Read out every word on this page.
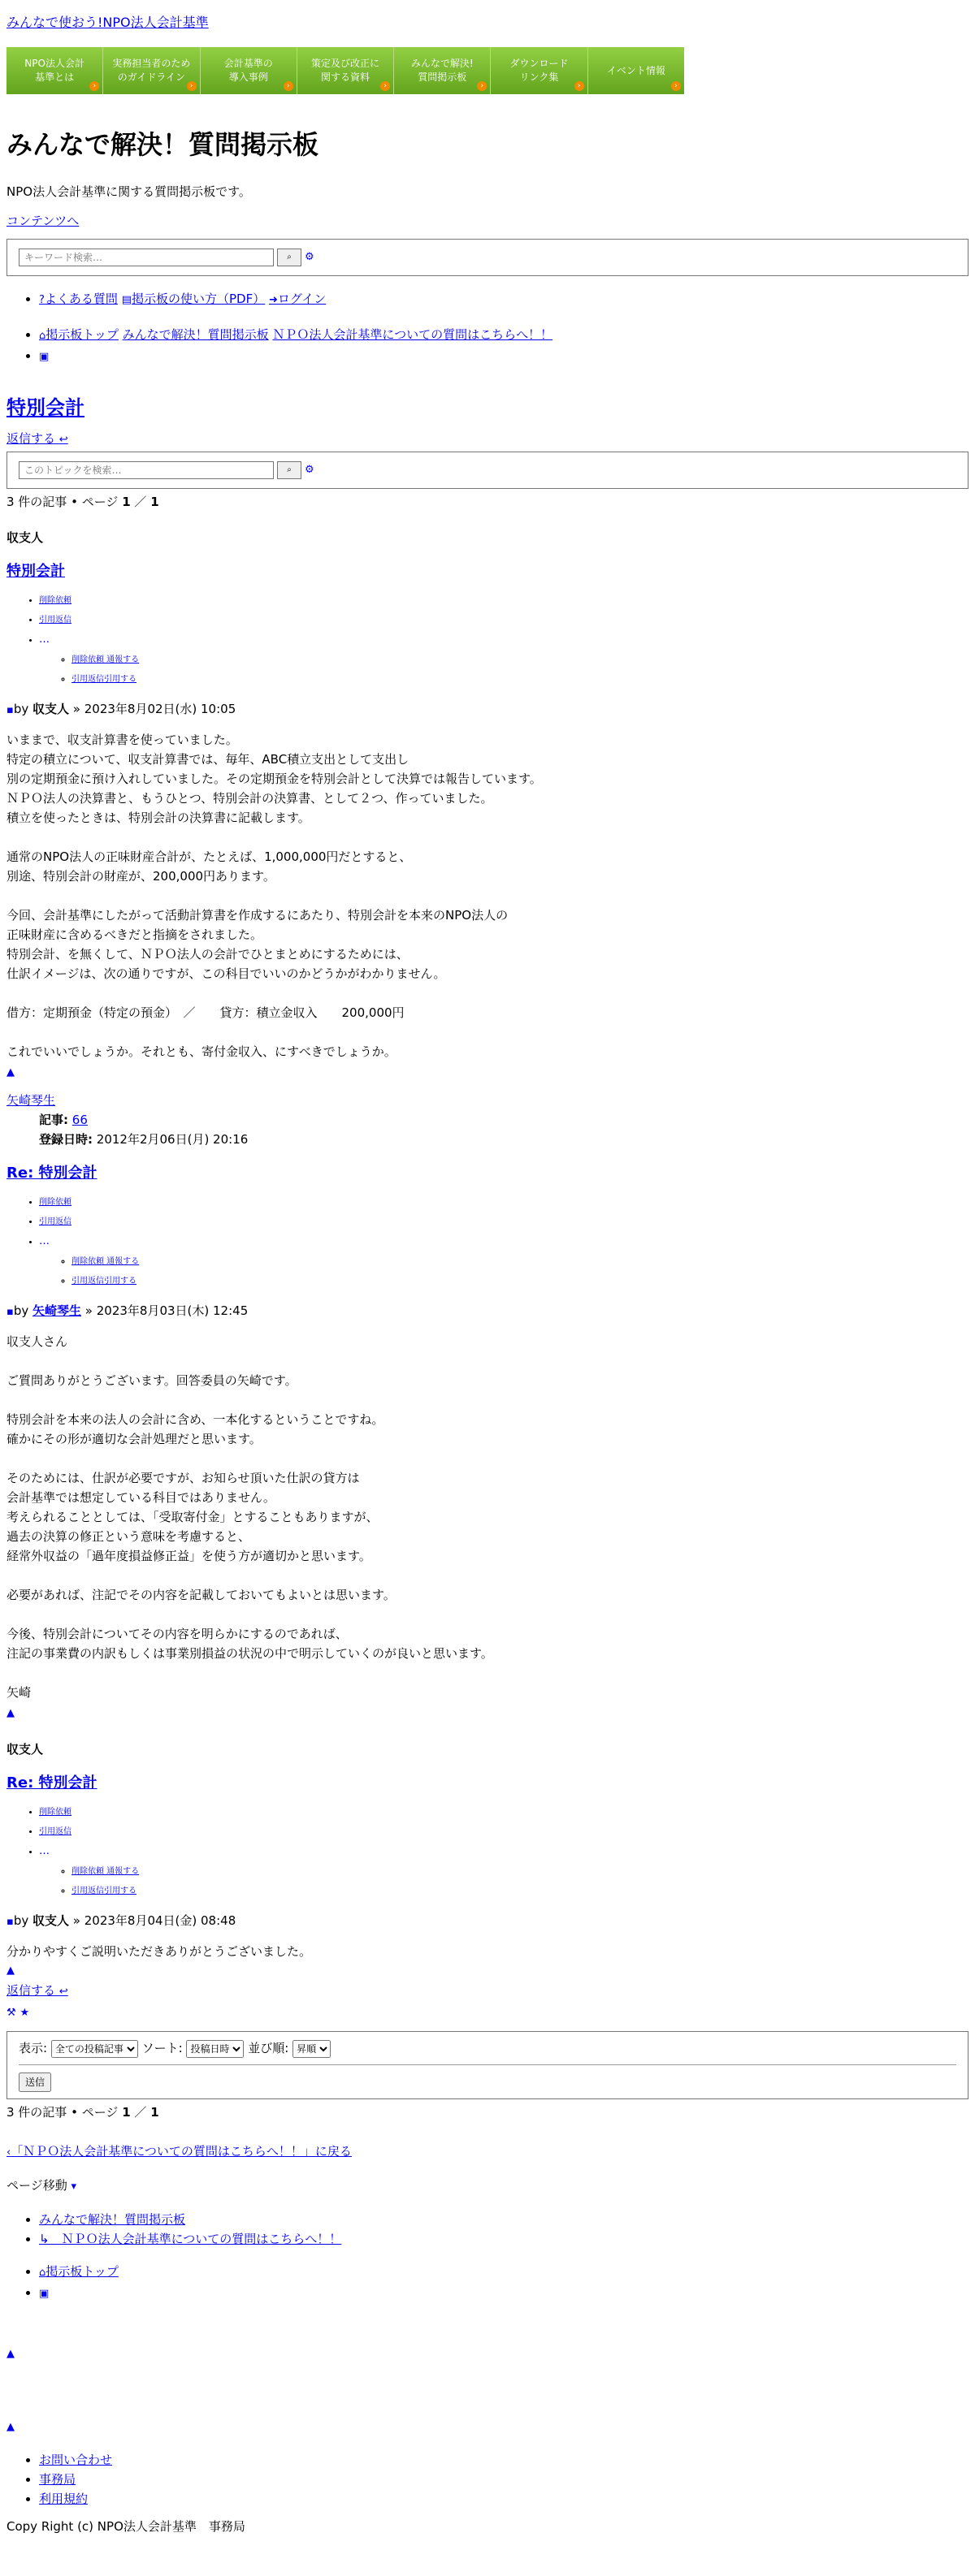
みんなで使おう!NPO法人会計基準
NPO法人会計
基準とは
›
実務担当者のため
のガイドライン
›
会計基準の
導入事例
›
策定及び改正に
関する資料
›
みんなで解決!
質問掲示板
›
ダウンロード
リンク集
›
イベント情報
›
みんなで解決！質問掲示板

NPO法人会計基準に関する質問掲示板です。

コンテンツへ
キーワード検索…
⌕	⚙
• ?よくある質問 ▤掲示板の使い方（PDF） ➜ログイン
• ⌂掲示板トップ みんなで解決！質問掲示板 ＮＰＯ法人会計基準についての質問はこちらへ！！
• ▣
特別会計
返信する ↩
このトピックを検索…
⌕	⚙
3 件の記事 • ページ 1 ／ 1
収支人
特別会計
• 削除依頼
• 引用返信
• …
◦ 削除依頼 通報する
◦ 引用返信引用する
▪by 収支人 » 2023年8月02日(水) 10:05

いままで、収支計算書を使っていました。

特定の積立について、収支計算書では、毎年、ABC積立支出として支出し

別の定期預金に預け入れしていました。その定期預金を特別会計として決算では報告しています。

ＮＰＯ法人の決算書と、もうひとつ、特別会計の決算書、として２つ、作っていました。

積立を使ったときは、特別会計の決算書に記載します。

通常のNPO法人の正味財産合計が、たとえば、1,000,000円だとすると、

別途、特別会計の財産が、200,000円あります。

今回、会計基準にしたがって活動計算書を作成するにあたり、特別会計を本来のNPO法人の

正味財産に含めるべきだと指摘をされました。

特別会計、を無くして、ＮＰＯ法人の会計でひとまとめにするためには、

仕訳イメージは、次の通りですが、この科目でいいのかどうかがわかりません。

借方：定期預金（特定の預金）　／　　貸方：積立金収入　　200,000円

これでいいでしょうか。それとも、寄付金収入、にすべきでしょうか。

▲
矢崎琴生
記事: 66
登録日時: 2012年2月06日(月) 20:16
Re: 特別会計
• 削除依頼
• 引用返信
• …
◦ 削除依頼 通報する
◦ 引用返信引用する
▪by 矢崎琴生 » 2023年8月03日(木) 12:45

収支人さん

ご質問ありがとうございます。回答委員の矢崎です。

特別会計を本来の法人の会計に含め、一本化するということですね。

確かにその形が適切な会計処理だと思います。

そのためには、仕訳が必要ですが、お知らせ頂いた仕訳の貸方は

会計基準では想定している科目ではありません。

考えられることとしては、「受取寄付金」とすることもありますが、

過去の決算の修正という意味を考慮すると、

経常外収益の「過年度損益修正益」を使う方が適切かと思います。

必要があれば、注記でその内容を記載しておいてもよいとは思います。

今後、特別会計についてその内容を明らかにするのであれば、

注記の事業費の内訳もしくは事業別損益の状況の中で明示していくのが良いと思います。

矢崎

▲
収支人
Re: 特別会計
• 削除依頼
• 引用返信
• …
◦ 削除依頼 通報する
◦ 引用返信引用する
▪by 収支人 » 2023年8月04日(金) 08:48

分かりやすくご説明いただきありがとうございました。

▲
返信する ↩
⚒ ★
表示:
全ての投稿記事	ソート:
投稿日時	並び順:
昇順
送信
3 件の記事 • ページ 1 ／ 1
‹「ＮＰＯ法人会計基準についての質問はこちらへ！！」に戻る
ページ移動 ▾
• みんなで解決！質問掲示板
• ↳　ＮＰＯ法人会計基準についての質問はこちらへ！！
• ⌂掲示板トップ
• ▣
▲
▲
• お問い合わせ
• 事務局
• 利用規約
Copy Right (c) NPO法人会計基準　事務局
